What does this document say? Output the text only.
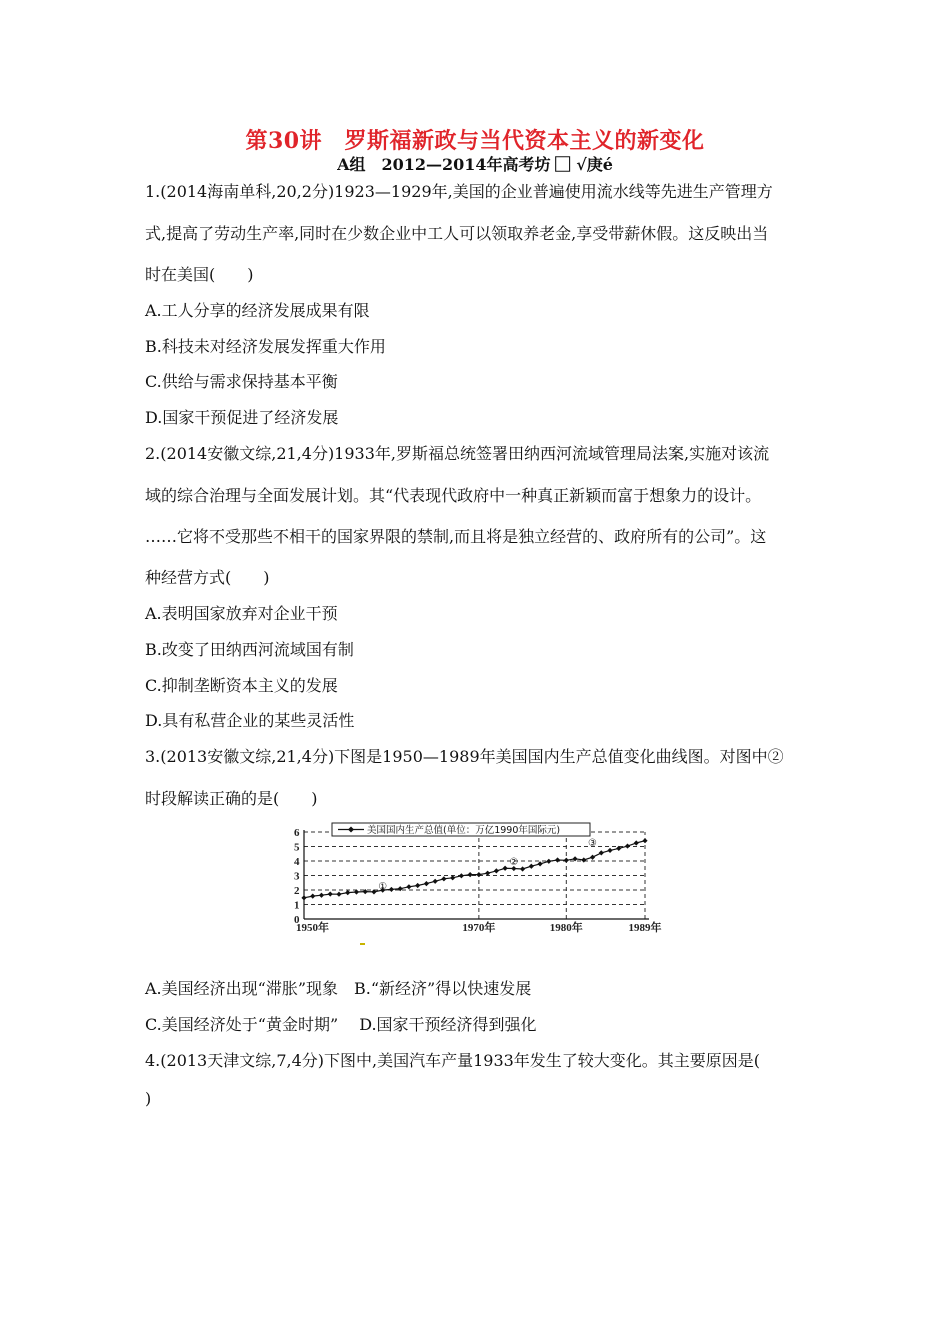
第30讲　罗斯福新政与当代资本主义的新变化
A组　2012—2014年高考坊 ⃞ √庚é
1.(2014海南单科,20,2分)1923—1929年,美国的企业普遍使用流水线等先进生产管理方
式,提高了劳动生产率,同时在少数企业中工人可以领取养老金,享受带薪休假。这反映出当
时在美国(　　)
A.工人分享的经济发展成果有限
B.科技未对经济发展发挥重大作用
C.供给与需求保持基本平衡
D.国家干预促进了经济发展
2.(2014安徽文综,21,4分)1933年,罗斯福总统签署田纳西河流域管理局法案,实施对该流
域的综合治理与全面发展计划。其“代表现代政府中一种真正新颖而富于想象力的设计。
……它将不受那些不相干的国家界限的禁制,而且将是独立经营的、政府所有的公司”。这
种经营方式(　　)
A.表明国家放弃对企业干预
B.改变了田纳西河流域国有制
C.抑制垄断资本主义的发展
D.具有私营企业的某些灵活性
3.(2013安徽文综,21,4分)下图是1950—1989年美国国内生产总值变化曲线图。对图中②
时段解读正确的是(　　)
0
1
2
3
4
5
6
1950年	1970年	1980年	1989年
①
②
③
美国国内生产总值(单位：万亿1990年国际元)
A.美国经济出现“滞胀”现象　B.“新经济”得以快速发展
C.美国经济处于“黄金时期”　 D.国家干预经济得到强化
4.(2013天津文综,7,4分)下图中,美国汽车产量1933年发生了较大变化。其主要原因是(
)
